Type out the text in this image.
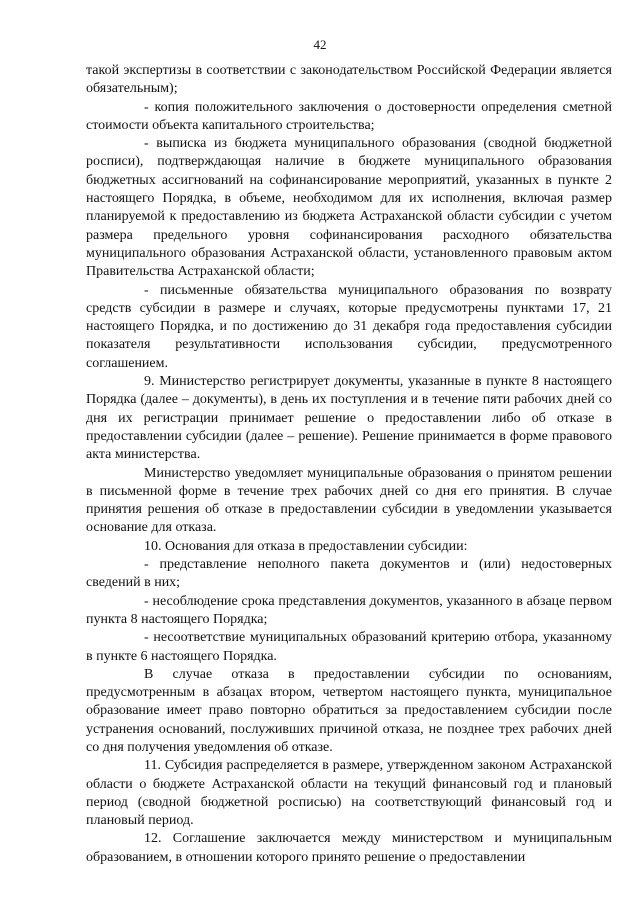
42

такой экспертизы в соответствии с законодательством Российской Федерации является обязательным);

- копия положительного заключения о достоверности определения сметной стоимости объекта капитального строительства;

- выписка из бюджета муниципального образования (сводной бюджетной росписи), подтверждающая наличие в бюджете муниципального образования бюджетных ассигнований на софинансирование мероприятий, указанных в пункте 2 настоящего Порядка, в объеме, необходимом для их исполнения, включая размер планируемой к предоставлению из бюджета Астраханской области субсидии с учетом размера предельного уровня софинансирования расходного обязательства муниципального образования Астраханской области, установленного правовым актом Правительства Астраханской области;

- письменные обязательства муниципального образования по возврату средств субсидии в размере и случаях, которые предусмотрены пунктами 17, 21 настоящего Порядка, и по достижению до 31 декабря года предоставления субсидии показателя результативности использования субсидии, предусмотренного соглашением.

9. Министерство регистрирует документы, указанные в пункте 8 настоящего Порядка (далее – документы), в день их поступления и в течение пяти рабочих дней со дня их регистрации принимает решение о предоставлении либо об отказе в предоставлении субсидии (далее – решение). Решение принимается в форме правового акта министерства.

Министерство уведомляет муниципальные образования о принятом решении в письменной форме в течение трех рабочих дней со дня его принятия. В случае принятия решения об отказе в предоставлении субсидии в уведомлении указывается основание для отказа.

10. Основания для отказа в предоставлении субсидии:

- представление неполного пакета документов и (или) недостоверных сведений в них;

- несоблюдение срока представления документов, указанного в абзаце первом пункта 8 настоящего Порядка;

- несоответствие муниципальных образований критерию отбора, указанному в пункте 6 настоящего Порядка.

В случае отказа в предоставлении субсидии по основаниям, предусмотренным в абзацах втором, четвертом настоящего пункта, муниципальное образование имеет право повторно обратиться за предоставлением субсидии после устранения оснований, послуживших причиной отказа, не позднее трех рабочих дней со дня получения уведомления об отказе.

11. Субсидия распределяется в размере, утвержденном законом Астраханской области о бюджете Астраханской области на текущий финансовый год и плановый период (сводной бюджетной росписью) на соответствующий финансовый год и плановый период.

12. Соглашение заключается между министерством и муниципальным образованием, в отношении которого принято решение о предоставлении
